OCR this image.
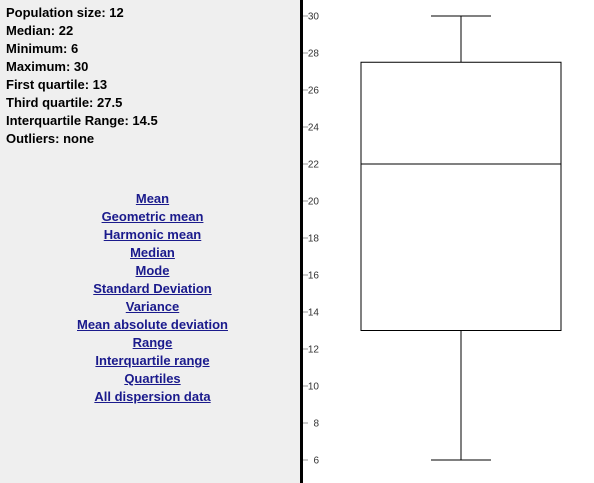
Population size: 12
Median: 22
Minimum: 6
Maximum: 30
First quartile: 13
Third quartile: 27.5
Interquartile Range: 14.5
Outliers: none
Mean
Geometric mean
Harmonic mean
Median
Mode
Standard Deviation
Variance
Mean absolute deviation
Range
Interquartile range
Quartiles
All dispersion data
6
8
10
12
14
16
18
20
22
24
26
28
30
